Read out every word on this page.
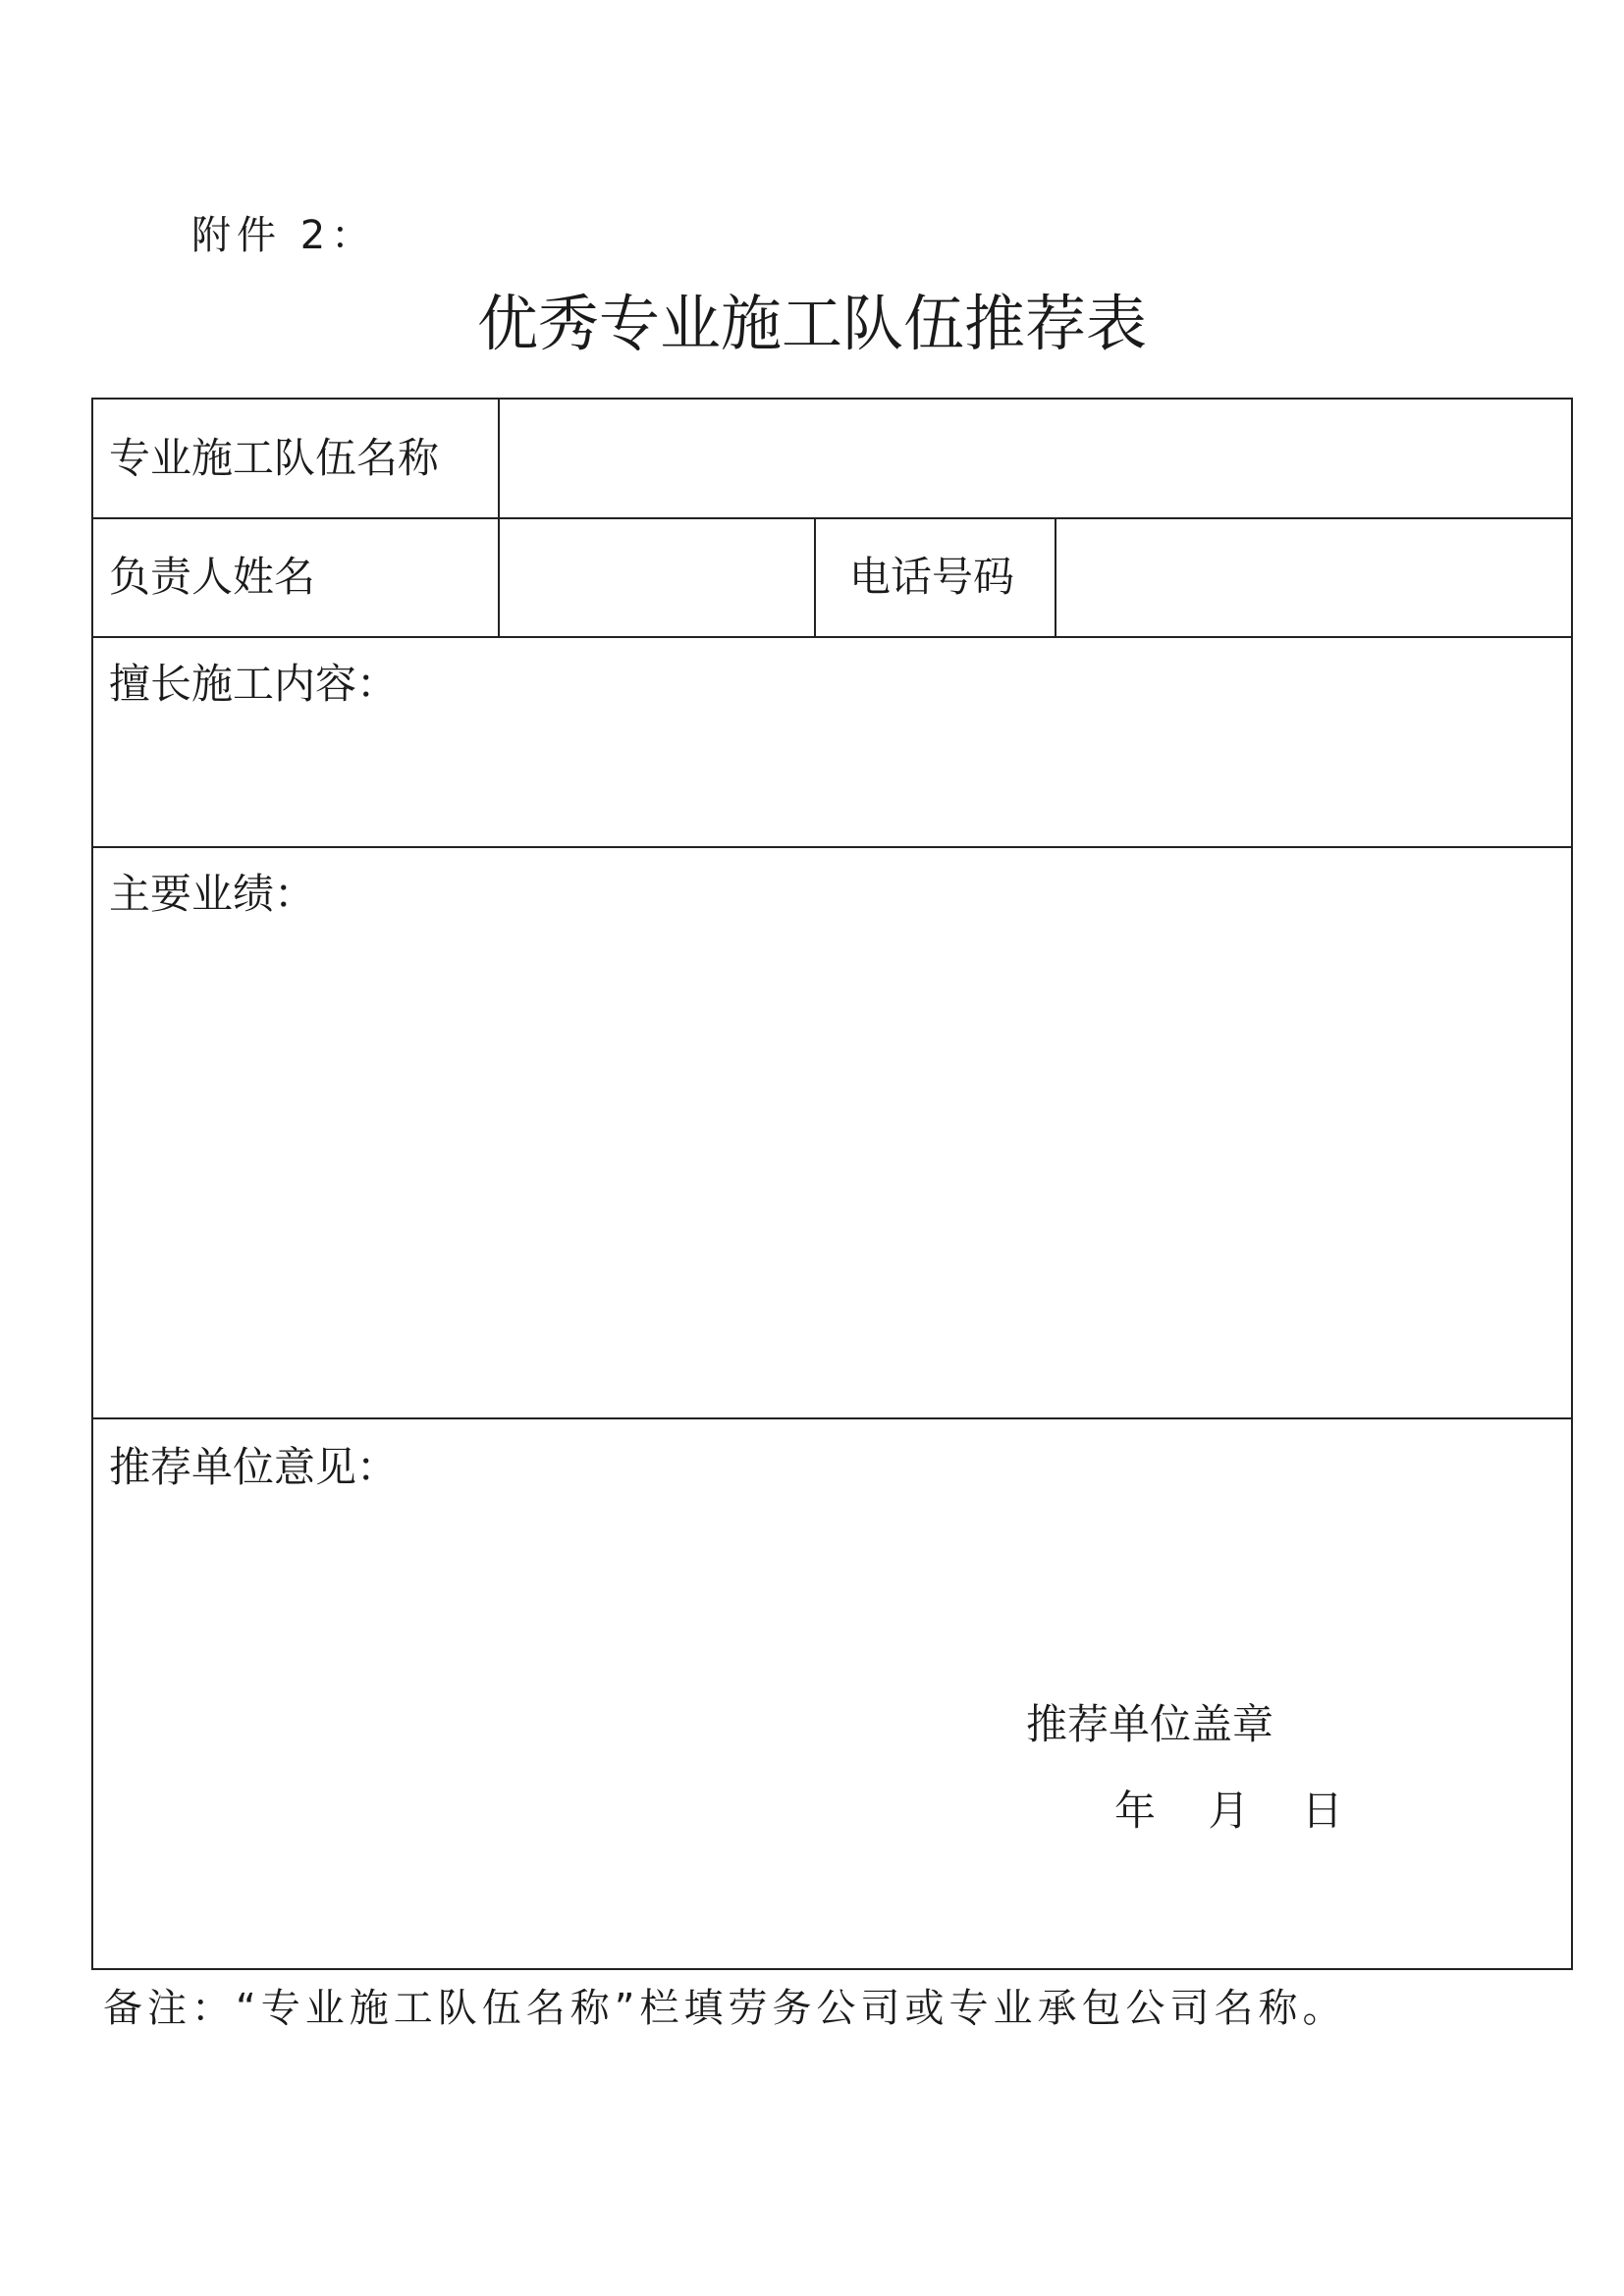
附件 2：
优秀专业施工队伍推荐表
专业施工队伍名称
负责人姓名	电话号码
擅长施工内容：
主要业绩：
推荐单位意见：
推荐单位盖章
年    月    日
备注：“专业施工队伍名称”栏填劳务公司或专业承包公司名称。
